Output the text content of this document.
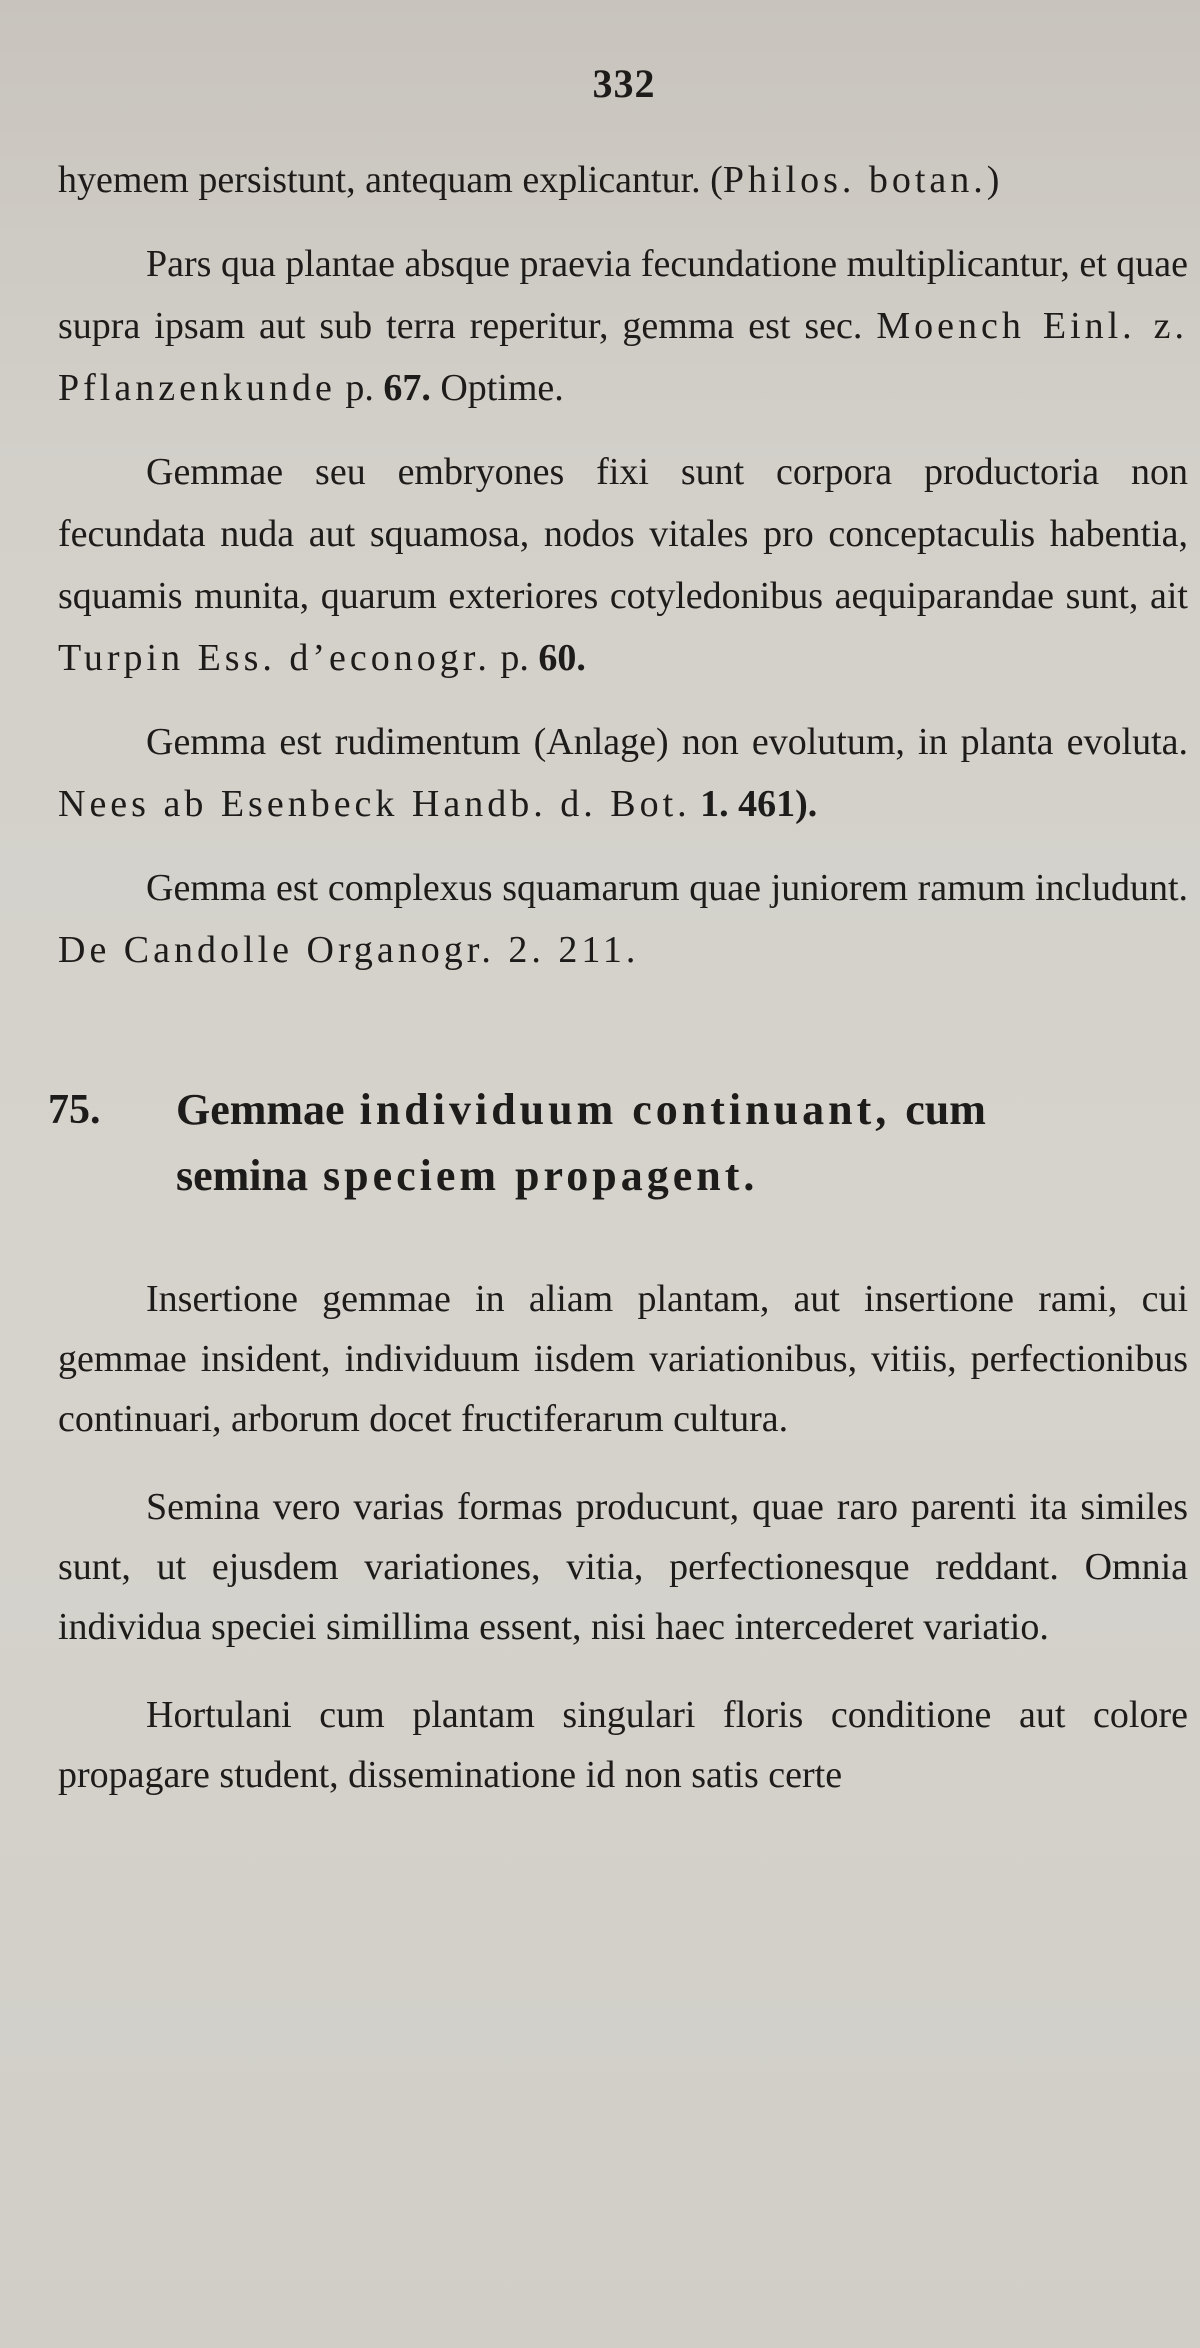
332

hyemem persistunt, antequam explicantur. (Philos. botan.)

Pars qua plantae absque praevia fecundatione multiplicantur, et quae supra ipsam aut sub terra reperitur, gemma est sec. Moench Einl. z. Pflanzenkunde p. 67. Optime.

Gemmae seu embryones fixi sunt corpora productoria non fecundata nuda aut squamosa, nodos vitales pro conceptaculis habentia, squamis munita, quarum exteriores cotyledonibus aequiparandae sunt, ait Turpin Ess. d’econogr. p. 60.

Gemma est rudimentum (Anlage) non evolutum, in planta evoluta. Nees ab Esenbeck Handb. d. Bot. 1. 461).

Gemma est complexus squamarum quae juniorem ramum includunt. De Candolle Organogr. 2. 211.

75. Gemmae individuum continuant, cum
semina speciem propagent.

Insertione gemmae in aliam plantam, aut insertione rami, cui gemmae insident, individuum iisdem variationibus, vitiis, perfectionibus continuari, arborum docet fructiferarum cultura.

Semina vero varias formas producunt, quae raro parenti ita similes sunt, ut ejusdem variationes, vitia, perfectionesque reddant. Omnia individua speciei simillima essent, nisi haec intercederet variatio.

Hortulani cum plantam singulari floris conditione aut colore propagare student, disseminatione id non satis certe
